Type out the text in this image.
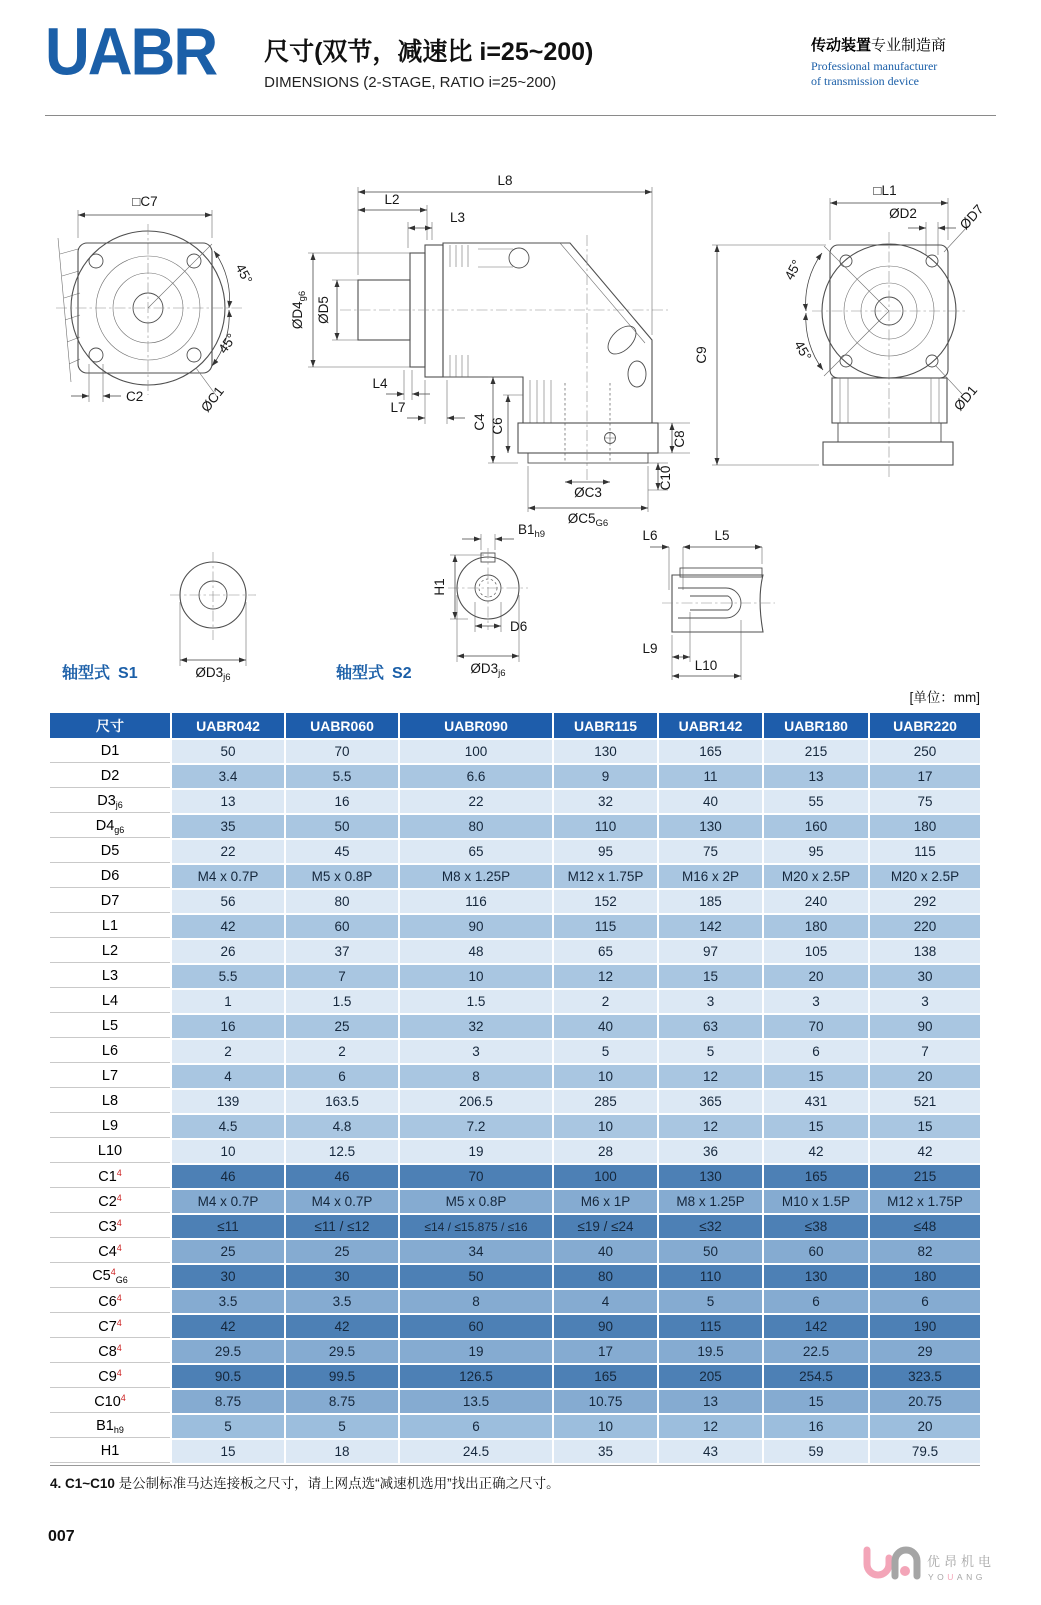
UABR 尺寸(双节，减速比 i=25~200)
DIMENSIONS (2-STAGE, RATIO i=25~200)
传动装置专业制造商
Professional manufacturer
of transmission device
45°
45°
□C7
C2	ØC1
L8
L2
L3
$ØD4_{g6}$ ØD5
L4
L7
C4 C6
C8
C10
ØC3
$ØC5_{G6}$
45°
45°
□L1
ØD2	ØD7
ØD1
C9
$ØD3_{j6}$
轴型式 S1
$B1_{h9}$
H1
D6
$ØD3_{j6}$
轴型式 S2
L6	L5
L9
L10
[单位：mm]
尺寸	UABR042	UABR060	UABR090	UABR115	UABR142	UABR180	UABR220
D1	50	70	100	130	165	215	250
D2	3.4	5.5	6.6	9	11	13	17
$D3_{j6}$	13	16	22	32	40	55	75
$D4_{g6}$	35	50	80	110	130	160	180
D5	22	45	65	95	75	95	115
D6	M4 x 0.7P	M5 x 0.8P	M8 x 1.25P	M12 x 1.75P	M16 x 2P	M20 x 2.5P	M20 x 2.5P
D7	56	80	116	152	185	240	292
L1	42	60	90	115	142	180	220
L2	26	37	48	65	97	105	138
L3	5.5	7	10	12	15	20	30
L4	1	1.5	1.5	2	3	3	3
L5	16	25	32	40	63	70	90
L6	2	2	3	5	5	6	7
L7	4	6	8	10	12	15	20
L8	139	163.5	206.5	285	365	431	521
L9	4.5	4.8	7.2	10	12	15	15
L10	10	12.5	19	28	36	42	42
$C1^4$	46	46	70	100	130	165	215
$C2^4$	M4 x 0.7P	M4 x 0.7P	M5 x 0.8P	M6 x 1P	M8 x 1.25P	M10 x 1.5P	M12 x 1.75P
$C3^4$	≤11	≤11 / ≤12	≤14 / ≤15.875 / ≤16	≤19 / ≤24	≤32	≤38	≤48
$C4^4$	25	25	34	40	50	60	82
$C5^4_{G6}$	30	30	50	80	110	130	180
$C6^4$	3.5	3.5	8	4	5	6	6
$C7^4$	42	42	60	90	115	142	190
$C8^4$	29.5	29.5	19	17	19.5	22.5	29
$C9^4$	90.5	99.5	126.5	165	205	254.5	323.5
$C10^4$	8.75	8.75	13.5	10.75	13	15	20.75
$B1_{h9}$	5	5	6	10	12	16	20
H1	15	18	24.5	35	43	59	79.5
4. C1~C10 是公制标准马达连接板之尺寸，请上网点选“减速机选用”找出正确之尺寸。
007
优昂机电
YOUANG
